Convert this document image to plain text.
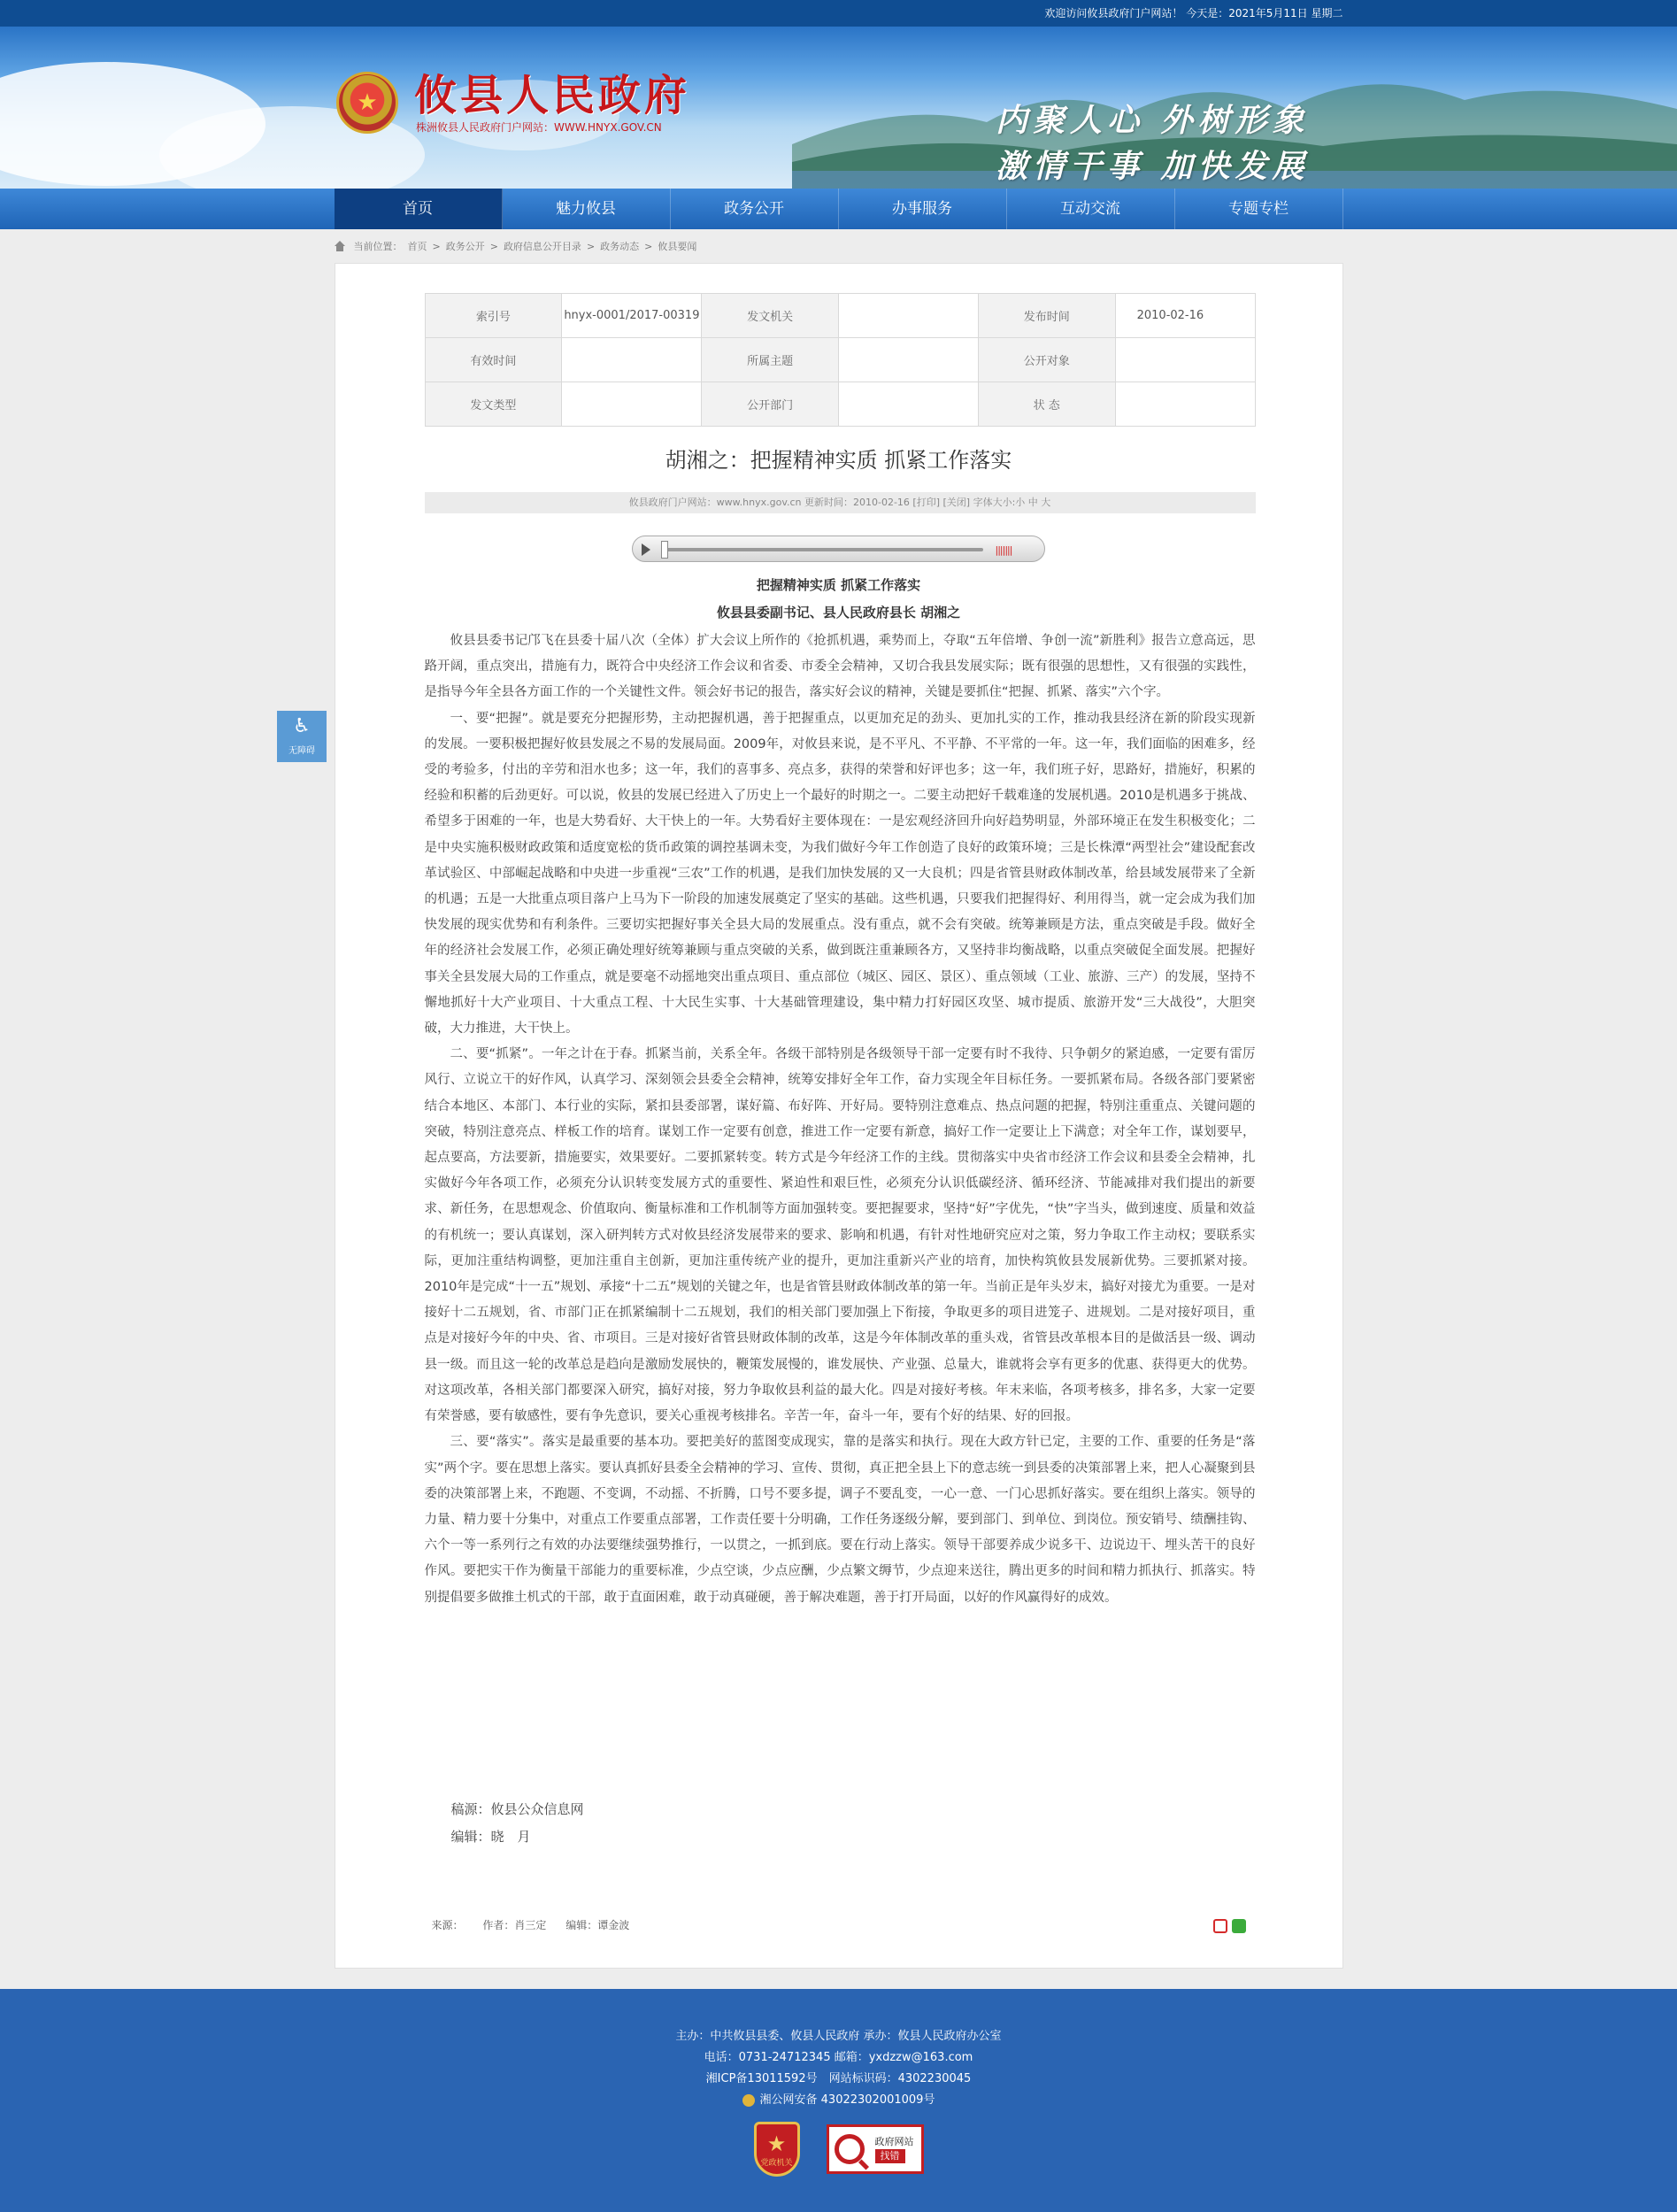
欢迎访问攸县政府门户网站！ 今天是：2021年5月11日 星期二
★ 攸县人民政府
株洲攸县人民政府门户网站：WWW.HNYX.GOV.CN	内聚人心 外树形象
激情干事 加快发展
首页	魅力攸县	政务公开	办事服务	互动交流	专题专栏
当前位置： 首页 > 政务公开 > 政府信息公开目录 > 政务动态 > 攸县要闻
索引号	hnyx-0001/2017-00319	发文机关		发布时间	2010-02-16
有效时间		所属主题		公开对象	
发文类型		公开部门		状 态	
胡湘之：把握精神实质 抓紧工作落实
攸县政府门户网站：www.hnyx.gov.cn 更新时间：2010-02-16 [打印] [关闭] 字体大小:小 中 大
|||||||
把握精神实质 抓紧工作落实
攸县县委副书记、县人民政府县长 胡湘之

攸县县委书记邝飞在县委十届八次（全体）扩大会议上所作的《抢抓机遇，乘势而上，夺取“五年倍增、争创一流”新胜利》报告立意高远，思路开阔，重点突出，措施有力，既符合中央经济工作会议和省委、市委全会精神，又切合我县发展实际；既有很强的思想性，又有很强的实践性，是指导今年全县各方面工作的一个关键性文件。领会好书记的报告，落实好会议的精神，关键是要抓住“把握、抓紧、落实”六个字。

一、要“把握”。就是要充分把握形势，主动把握机遇，善于把握重点，以更加充足的劲头、更加扎实的工作，推动我县经济在新的阶段实现新的发展。一要积极把握好攸县发展之不易的发展局面。2009年，对攸县来说，是不平凡、不平静、不平常的一年。这一年，我们面临的困难多，经受的考验多，付出的辛劳和泪水也多；这一年，我们的喜事多、亮点多，获得的荣誉和好评也多；这一年，我们班子好，思路好，措施好，积累的经验和积蓄的后劲更好。可以说，攸县的发展已经进入了历史上一个最好的时期之一。二要主动把好千载难逢的发展机遇。2010是机遇多于挑战、希望多于困难的一年，也是大势看好、大干快上的一年。大势看好主要体现在：一是宏观经济回升向好趋势明显，外部环境正在发生积极变化；二是中央实施积极财政政策和适度宽松的货币政策的调控基调未变，为我们做好今年工作创造了良好的政策环境；三是长株潭“两型社会”建设配套改革试验区、中部崛起战略和中央进一步重视“三农”工作的机遇，是我们加快发展的又一大良机；四是省管县财政体制改革，给县域发展带来了全新的机遇；五是一大批重点项目落户上马为下一阶段的加速发展奠定了坚实的基础。这些机遇，只要我们把握得好、利用得当，就一定会成为我们加快发展的现实优势和有利条件。三要切实把握好事关全县大局的发展重点。没有重点，就不会有突破。统筹兼顾是方法，重点突破是手段。做好全年的经济社会发展工作，必须正确处理好统筹兼顾与重点突破的关系，做到既注重兼顾各方，又坚持非均衡战略，以重点突破促全面发展。把握好事关全县发展大局的工作重点，就是要毫不动摇地突出重点项目、重点部位（城区、园区、景区）、重点领域（工业、旅游、三产）的发展，坚持不懈地抓好十大产业项目、十大重点工程、十大民生实事、十大基础管理建设，集中精力打好园区攻坚、城市提质、旅游开发“三大战役”，大胆突破，大力推进，大干快上。

二、要“抓紧”。一年之计在于春。抓紧当前，关系全年。各级干部特别是各级领导干部一定要有时不我待、只争朝夕的紧迫感，一定要有雷厉风行、立说立干的好作风，认真学习、深刻领会县委全会精神，统筹安排好全年工作，奋力实现全年目标任务。一要抓紧布局。各级各部门要紧密结合本地区、本部门、本行业的实际，紧扣县委部署，谋好篇、布好阵、开好局。要特别注意难点、热点问题的把握，特别注重重点、关键问题的突破，特别注意亮点、样板工作的培育。谋划工作一定要有创意，推进工作一定要有新意，搞好工作一定要让上下满意；对全年工作，谋划要早，起点要高，方法要新，措施要实，效果要好。二要抓紧转变。转方式是今年经济工作的主线。贯彻落实中央省市经济工作会议和县委全会精神，扎实做好今年各项工作，必须充分认识转变发展方式的重要性、紧迫性和艰巨性，必须充分认识低碳经济、循环经济、节能减排对我们提出的新要求、新任务，在思想观念、价值取向、衡量标准和工作机制等方面加强转变。要把握要求，坚持“好”字优先，“快”字当头，做到速度、质量和效益的有机统一；要认真谋划，深入研判转方式对攸县经济发展带来的要求、影响和机遇，有针对性地研究应对之策，努力争取工作主动权；要联系实际，更加注重结构调整，更加注重自主创新，更加注重传统产业的提升，更加注重新兴产业的培育，加快构筑攸县发展新优势。三要抓紧对接。2010年是完成“十一五”规划、承接“十二五”规划的关键之年，也是省管县财政体制改革的第一年。当前正是年头岁末，搞好对接尤为重要。一是对接好十二五规划，省、市部门正在抓紧编制十二五规划，我们的相关部门要加强上下衔接，争取更多的项目进笼子、进规划。二是对接好项目，重点是对接好今年的中央、省、市项目。三是对接好省管县财政体制的改革，这是今年体制改革的重头戏，省管县改革根本目的是做活县一级、调动县一级。而且这一轮的改革总是趋向是激励发展快的，鞭策发展慢的，谁发展快、产业强、总量大，谁就将会享有更多的优惠、获得更大的优势。对这项改革，各相关部门都要深入研究，搞好对接，努力争取攸县利益的最大化。四是对接好考核。年末来临，各项考核多，排名多，大家一定要有荣誉感，要有敏感性，要有争先意识，要关心重视考核排名。辛苦一年，奋斗一年，要有个好的结果、好的回报。

三、要“落实”。落实是最重要的基本功。要把美好的蓝图变成现实，靠的是落实和执行。现在大政方针已定，主要的工作、重要的任务是“落实”两个字。要在思想上落实。要认真抓好县委全会精神的学习、宣传、贯彻，真正把全县上下的意志统一到县委的决策部署上来，把人心凝聚到县委的决策部署上来，不跑题、不变调，不动摇、不折腾，口号不要多提，调子不要乱变，一心一意、一门心思抓好落实。要在组织上落实。领导的力量、精力要十分集中，对重点工作要重点部署，工作责任要十分明确，工作任务逐级分解，要到部门、到单位、到岗位。预安销号、绩酬挂钩、六个一等一系列行之有效的办法要继续强势推行，一以贯之，一抓到底。要在行动上落实。领导干部要养成少说多干、边说边干、埋头苦干的良好作风。要把实干作为衡量干部能力的重要标准，少点空谈，少点应酬，少点繁文缛节，少点迎来送往，腾出更多的时间和精力抓执行、抓落实。特别提倡要多做推土机式的干部，敢于直面困难，敢于动真碰硬，善于解决难题，善于打开局面，以好的作风赢得好的成效。

稿源：攸县公众信息网
编辑：晓　月
来源： 作者：肖三定 编辑：谭金波
♿
无障碍
主办：中共攸县县委、攸县人民政府 承办：攸县人民政府办公室
电话：0731-24712345 邮箱：yxdzzw@163.com
湘ICP备13011592号　网站标识码：4302230045
湘公网安备 43022302001009号
★
党政机关
政府网站
找错
